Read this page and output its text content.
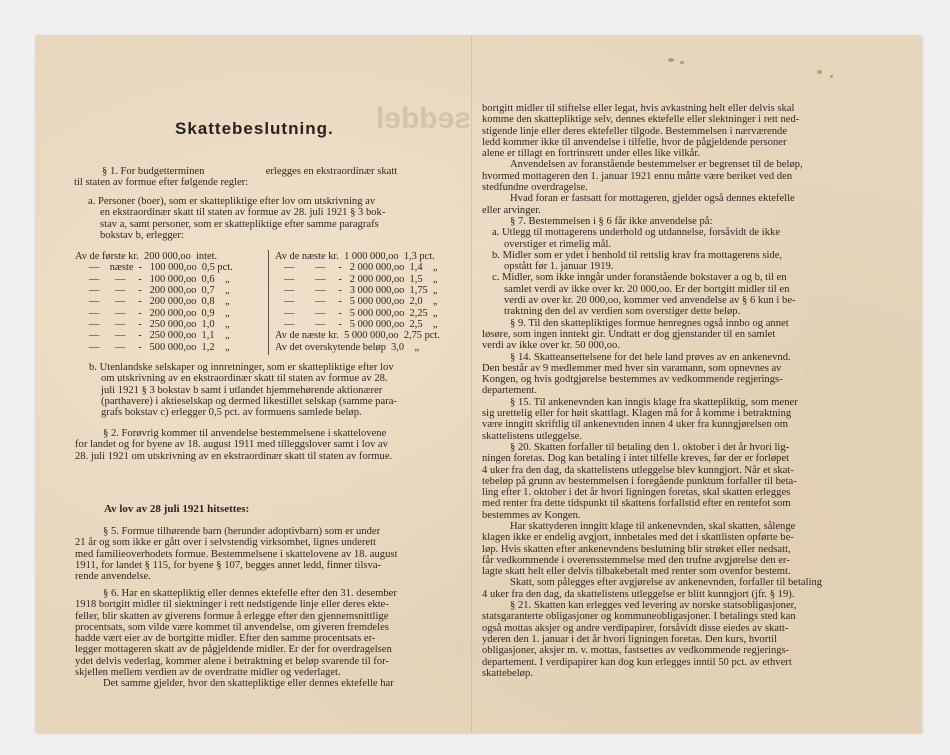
seddel
Skattebeslutning.
§ 1. For budgetterminen	erlegges en ekstraordinær skatt
til staten av formue efter følgende regler:

a. Personer (boer), som er skattepliktige efter lov om utskrivning av

en ekstraordinær skatt til staten av formue av 28. juli 1921 § 3 bok-

stav a, samt personer, som er skattepliktige efter samme paragrafs

bokstav b, erlegger:

Av de første kr.  200 000,oo  intet.
—    næste  -   100 000,oo  0,5 pct.
—      —     -   100 000,oo  0,6    „
—      —     -   200 000,oo  0,7    „
—      —     -   200 000,oo  0,8    „
—      —     -   200 000,oo  0,9    „
—      —     -   250 000,oo  1,0    „
—      —     -   250 000,oo  1,1    „
—      —     -   500 000,oo  1,2    „
Av de næste kr.  1 000 000,oo  1,3 pct.
—        —     -   2 000 000,oo  1,4    „
—        —     -   2 000 000,oo  1,5    „
—        —     -   3 000 000,oo  1,75  „
—        —     -   5 000 000,oo  2,0    „
—        —     -   5 000 000,oo  2,25  „
—        —     -   5 000 000,oo  2,5    „
Av de næste kr.  5 000 000,oo  2,75 pct.
Av det overskytende beløp  3,0    „

b. Utenlandske selskaper og innretninger, som er skattepliktige efter lov

om utskrivning av en ekstraordinær skatt til staten av formue av 28.

juli 1921 § 3 bokstav b samt i utlandet hjemmehørende aktionærer

(parthavere) i aktieselskap og dermed likestillet selskap (samme para-

grafs bokstav c) erlegger 0,5 pct. av formuens samlede beløp.

§ 2. Forøvrig kommer til anvendelse bestemmelsene i skattelovene

for landet og for byene av 18. august 1911 med tilleggslover samt i lov av

28. juli 1921 om utskrivning av en ekstraordinær skatt til staten av formue.

Av lov av 28 juli 1921 hitsettes:

§ 5. Formue tilhørende barn (herunder adoptivbarn) som er under

21 år og som ikke er gått over i selvstendig virksomhet, lignes underett

med familieoverhodets formue. Bestemmelsene i skattelovene av 18. august

1911, for landet § 115, for byene § 107, begges annet ledd, finner tilsva-

rende anvendelse.

§ 6. Har en skattepliktig eller dennes ektefelle efter den 31. desember

1918 bortgitt midler til siektninger i rett nedstigende linje eller deres ekte-

feller, blir skatten av giverens formue å erlegge efter den gjennemsnittlige

procentsats, som vilde være kommet til anvendelse, om giveren fremdeles

hadde vært eier av de bortgitte midler. Efter den samme procentsats er-

legger mottageren skatt av de pågjeldende midler. Er der for overdragelsen

ydet delvis vederlag, kommer alene i betraktning et beløp svarende til for-

skjellen mellem verdien av de overdratte midler og vederlaget.

Det samme gjelder, hvor den skattepliktige eller dennes ektefelle har

bortgitt midler til stiftelse eller legat, hvis avkastning helt eller delvis skal

komme den skattepliktige selv, dennes ektefelle eller slektninger i rett ned-

stigende linje eller deres ektefeller tilgode. Bestemmelsen i nærværende

ledd kommer ikke til anvendelse i tilfelle, hvor de pågjeldende personer

alene er tillagt en fortrinsrett under elles like vilkår.

Anvendelsen av foranstående bestemmelser er begrenset til de beløp,

hvormed mottageren den 1. januar 1921 ennu måtte være beriket ved den

stedfundne overdragelse.

Hvad foran er fastsatt for mottageren, gjelder også dennes ektefelle

eller arvinger.

§ 7. Bestemmelsen i § 6 får ikke anvendelse på:

a. Utlegg til mottagerens underhold og utdannelse, forsåvidt de ikke

overstiger et rimelig mål.

b. Midler som er ydet i henhold til rettslig krav fra mottagerens side,

opstått før 1. januar 1919.

c. Midler, som ikke inngår under foranstående bokstaver a og b, til en

samlet verdi av ikke over kr. 20 000,oo. Er der bortgitt midler til en

verdi av over kr. 20 000,oo, kommer ved anvendelse av § 6 kun i be-

traktning den del av verdien som overstiger dette beløp.

§ 9. Til den skattepliktiges formue henregnes også innbo og annet

løsøre, som ingen inntekt gir. Undtatt er dog gjenstander til en samlet

verdi av ikke over kr. 50 000,oo.

§ 14. Skatteansettelsene for det hele land prøves av en ankenevnd.

Den består av 9 medlemmer med hver sin varamann, som opnevnes av

Kongen, og hvis godtgjørelse bestemmes av vedkommende regjerings-

departement.

§ 15. Til ankenevnden kan inngis klage fra skattepliktig, som mener

sig urettelig eller for høit skattlagt. Klagen må for å komme i betraktning

være inngitt skriftlig til ankenevnden innen 4 uker fra kunngjørelsen om

skattelistens utleggelse.

§ 20. Skatten forfaller til betaling den 1. oktober i det år hvori lig-

ningen foretas. Dog kan betaling i intet tilfelle kreves, før der er forløpet

4 uker fra den dag, da skattelistens utleggelse blev kunngjort. Når et skat-

tebeløp på grunn av bestemmelsen i foregående punktum forfaller til beta-

ling efter 1. oktober i det år hvori ligningen foretas, skal skatten erlegges

med renter fra dette tidspunkt til skattens forfallstid efter en rentefot som

bestemmes av Kongen.

Har skattyderen inngitt klage til ankenevnden, skal skatten, sålenge

klagen ikke er endelig avgjort, innbetales med det i skattlisten opførte be-

løp. Hvis skatten efter ankenevndens beslutning blir strøket eller nedsatt,

får vedkommende i overensstemmelse med den trufne avgjørelse den er-

lagte skatt helt eller delvis tilbakebetalt med renter som ovenfor bestemt.

Skatt, som pålegges efter avgjørelse av ankenevnden, forfaller til betaling

4 uker fra den dag, da skattelistens utleggelse er blitt kunngjort (jfr. § 19).

§ 21. Skatten kan erlegges ved levering av norske statsobligasjoner,

statsgaranterte obligasjoner og kommuneobligasjoner. I betalings sted kan

også mottas aksjer og andre verdipapirer, forsåvidt disse eiedes av skatt-

yderen den 1. januar i det år hvori ligningen foretas. Den kurs, hvortil

obligasjoner, aksjer m. v. mottas, fastsettes av vedkommende regjerings-

departement. I verdipapirer kan dog kun erlegges inntil 50 pct. av ethvert

skattebeløp.
